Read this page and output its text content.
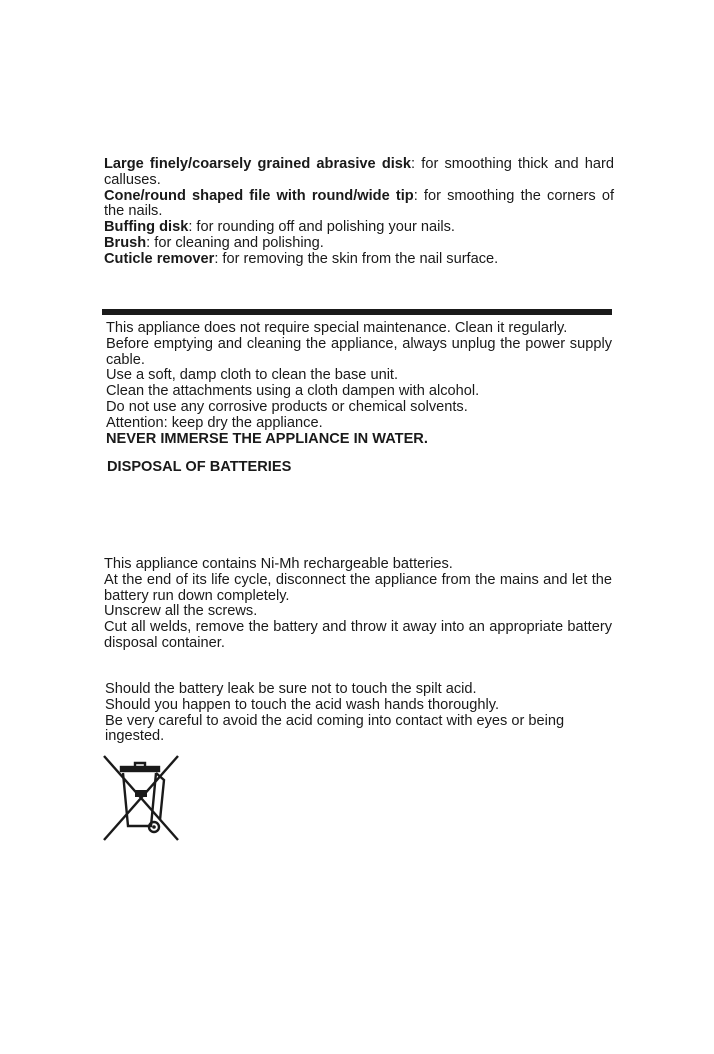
Large finely/coarsely grained abrasive disk: for smoothing thick and hard calluses.

Cone/round shaped file with round/wide tip: for smoothing the corners of the nails.

Buffing disk: for rounding off and polishing your nails.

Brush: for cleaning and polishing.

Cuticle remover: for removing the skin from the nail surface.

This appliance does not require special maintenance. Clean it regularly.

Before emptying and cleaning the appliance, always unplug the power supply cable.

Use a soft, damp cloth to clean the base unit.

Clean the attachments using a cloth dampen with alcohol.

Do not use any corrosive products or chemical solvents.

Attention: keep dry the appliance.

NEVER IMMERSE THE APPLIANCE IN WATER.

DISPOSAL OF BATTERIES

This appliance contains Ni-Mh rechargeable batteries.

At the end of its life cycle, disconnect the appliance from the mains and let the battery run down completely.

Unscrew all the screws.

Cut all welds, remove the battery and throw it away into an appropriate battery disposal container.

Should the battery leak be sure not to touch the spilt acid.

Should you happen to touch the acid wash hands thoroughly.

Be very careful to avoid the acid coming into contact with eyes or being ingested.
